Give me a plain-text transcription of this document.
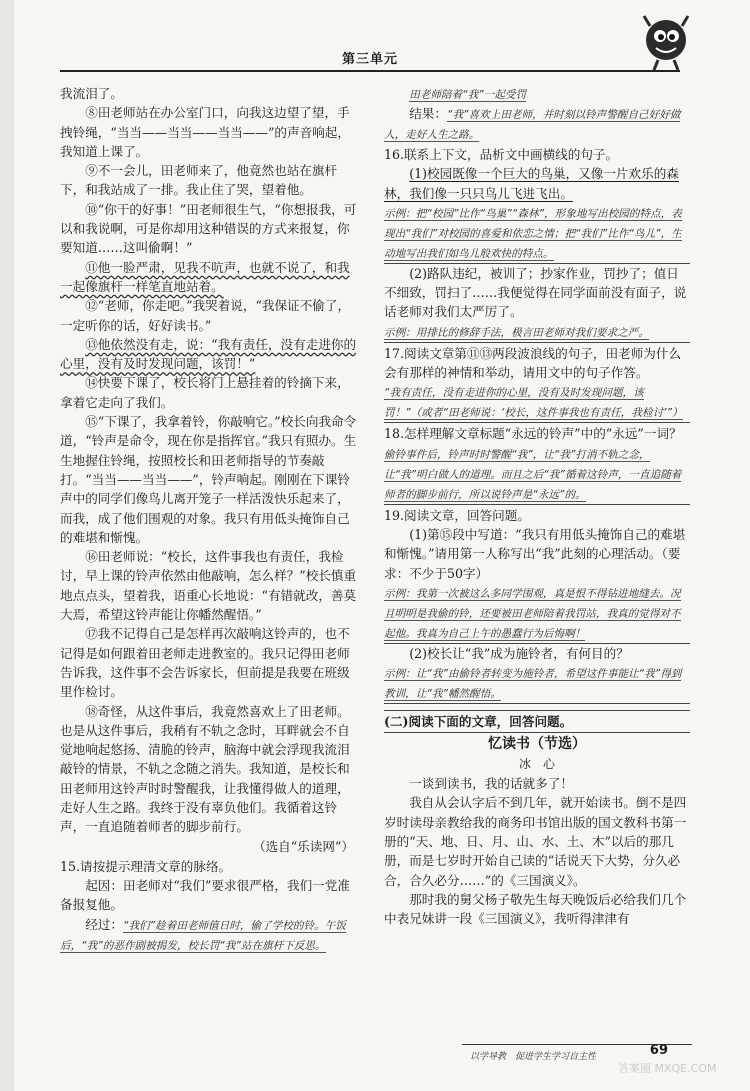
第三单元

我流泪了。

⑧田老师站在办公室门口，向我这边望了望，手拽铃绳，“当当——当当——当当——”的声音响起，我知道上课了。

⑨不一会儿，田老师来了，他竟然也站在旗杆下，和我站成了一排。我止住了哭，望着他。

⑩“你干的好事！”田老师很生气，“你想报我，可以和我说啊，可是你却用这种错误的方式来报复，你要知道……这叫偷啊！”

⑪他一脸严肃，见我不吭声，也就不说了，和我一起像旗杆一样笔直地站着。

⑫“老师，你走吧。”我哭着说，“我保证不偷了，一定听你的话，好好读书。”

⑬他依然没有走，说：“我有责任，没有走进你的心里，没有及时发现问题，该罚！”

⑭快要下课了，校长将门上悬挂着的铃摘下来，拿着它走向了我们。

⑮“下课了，我拿着铃，你敲响它。”校长向我命令道，“铃声是命令，现在你是指挥官。”我只有照办。生生地握住铃绳，按照校长和田老师指导的节奏敲打。“当当——当当——”，铃声响起。刚刚在下课铃声中的同学们像鸟儿离开笼子一样活泼快乐起来了，而我，成了他们围观的对象。我只有用低头掩饰自己的难堪和惭愧。

⑯田老师说：“校长，这件事我也有责任，我检讨，早上课的铃声依然由他敲响，怎么样？”校长慎重地点点头，望着我，语重心长地说：“有错就改，善莫大焉，希望这铃声能让你幡然醒悟。”

⑰我不记得自己是怎样再次敲响这铃声的，也不记得是如何跟着田老师走进教室的。我只记得田老师告诉我，这件事不会告诉家长，但前提是我要在班级里作检讨。

⑱奇怪，从这件事后，我竟然喜欢上了田老师。也是从这件事后，我稍有不轨之念时，耳畔就会不自觉地响起悠扬、清脆的铃声，脑海中就会浮现我流泪敲铃的情景，不轨之念随之消失。我知道，是校长和田老师用这铃声时时警醒我，让我懂得做人的道理，走好人生之路。我终于没有辜负他们。我循着这铃声，一直追随着师者的脚步前行。

（选自“乐读网”）

15.请按提示理清文章的脉络。

起因：田老师对“我们”要求很严格，我们一党准备报复他。

经过：“我们”趁着田老师值日时，偷了学校的铃。午饭后，“我”的恶作剧被揭发，校长罚“我”站在旗杆下反思。

田老师陪着“我”一起受罚

结果：“我”喜欢上田老师，并时刻以铃声警醒自己好好做人，走好人生之路。

16.联系上下文，品析文中画横线的句子。

(1)校园既像一个巨大的鸟巢，又像一片欢乐的森林，我们像一只只鸟儿飞进飞出。

示例：把“校园”比作“鸟巢”“森林”，形象地写出校园的特点，表现出“我们”对校园的喜爱和依恋之情；把“我们”比作“鸟儿”，生动地写出我们如鸟儿般欢快的特点。

(2)路队违纪，被训了；抄家作业，罚抄了；值日不细致，罚扫了……我便觉得在同学面前没有面子，说话老师对我们太严厉了。

示例：用排比的修辞手法，极言田老师对我们要求之严。

17.阅读文章第⑪⑬两段波浪线的句子，田老师为什么会有那样的神情和举动，请用文中的句子作答。

“我有责任，没有走进你的心里，没有及时发现问题，该罚！”（或者“田老师说：‘校长，这件事我也有责任，我检讨’”）

18.怎样理解文章标题“永远的铃声”中的“永远”一词？

偷铃事件后，铃声时时警醒“我”，让“我”打消不轨之念，让“我”明白做人的道理。而且之后“我”循着这铃声，一直追随着师者的脚步前行，所以说铃声是“永远”的。

19.阅读文章，回答问题。

(1)第⑮段中写道：“我只有用低头掩饰自己的难堪和惭愧。”请用第一人称写出“我”此刻的心理活动。（要求：不少于50字）

示例：我第一次被这么多同学围观，真是恨不得钻进地缝去。况且明明是我偷的铃，还要被田老师陪着我罚站，我真的觉得对不起他。我真为自己上午的愚蠢行为后悔啊！

(2)校长让“我”成为施铃者，有何目的？

示例：让“我”由偷铃者转变为施铃者，希望这件事能让“我”得到教训，让“我”幡然醒悟。

(二)阅读下面的文章，回答问题。

忆读书（节选）

冰　心

一谈到读书，我的话就多了！

我自从会认字后不到几年，就开始读书。倒不是四岁时读母亲教给我的商务印书馆出版的国文教科书第一册的“天、地、日、月、山、水、土、木”以后的那几册，而是七岁时开始自己读的“话说天下大势，分久必合，合久必分……”的《三国演义》。

那时我的舅父杨子敬先生每天晚饭后必给我们几个中表兄妹讲一段《三国演义》，我听得津津有

以学导教　促进学生学习自主性	69
答案圈 MXQE.COM
